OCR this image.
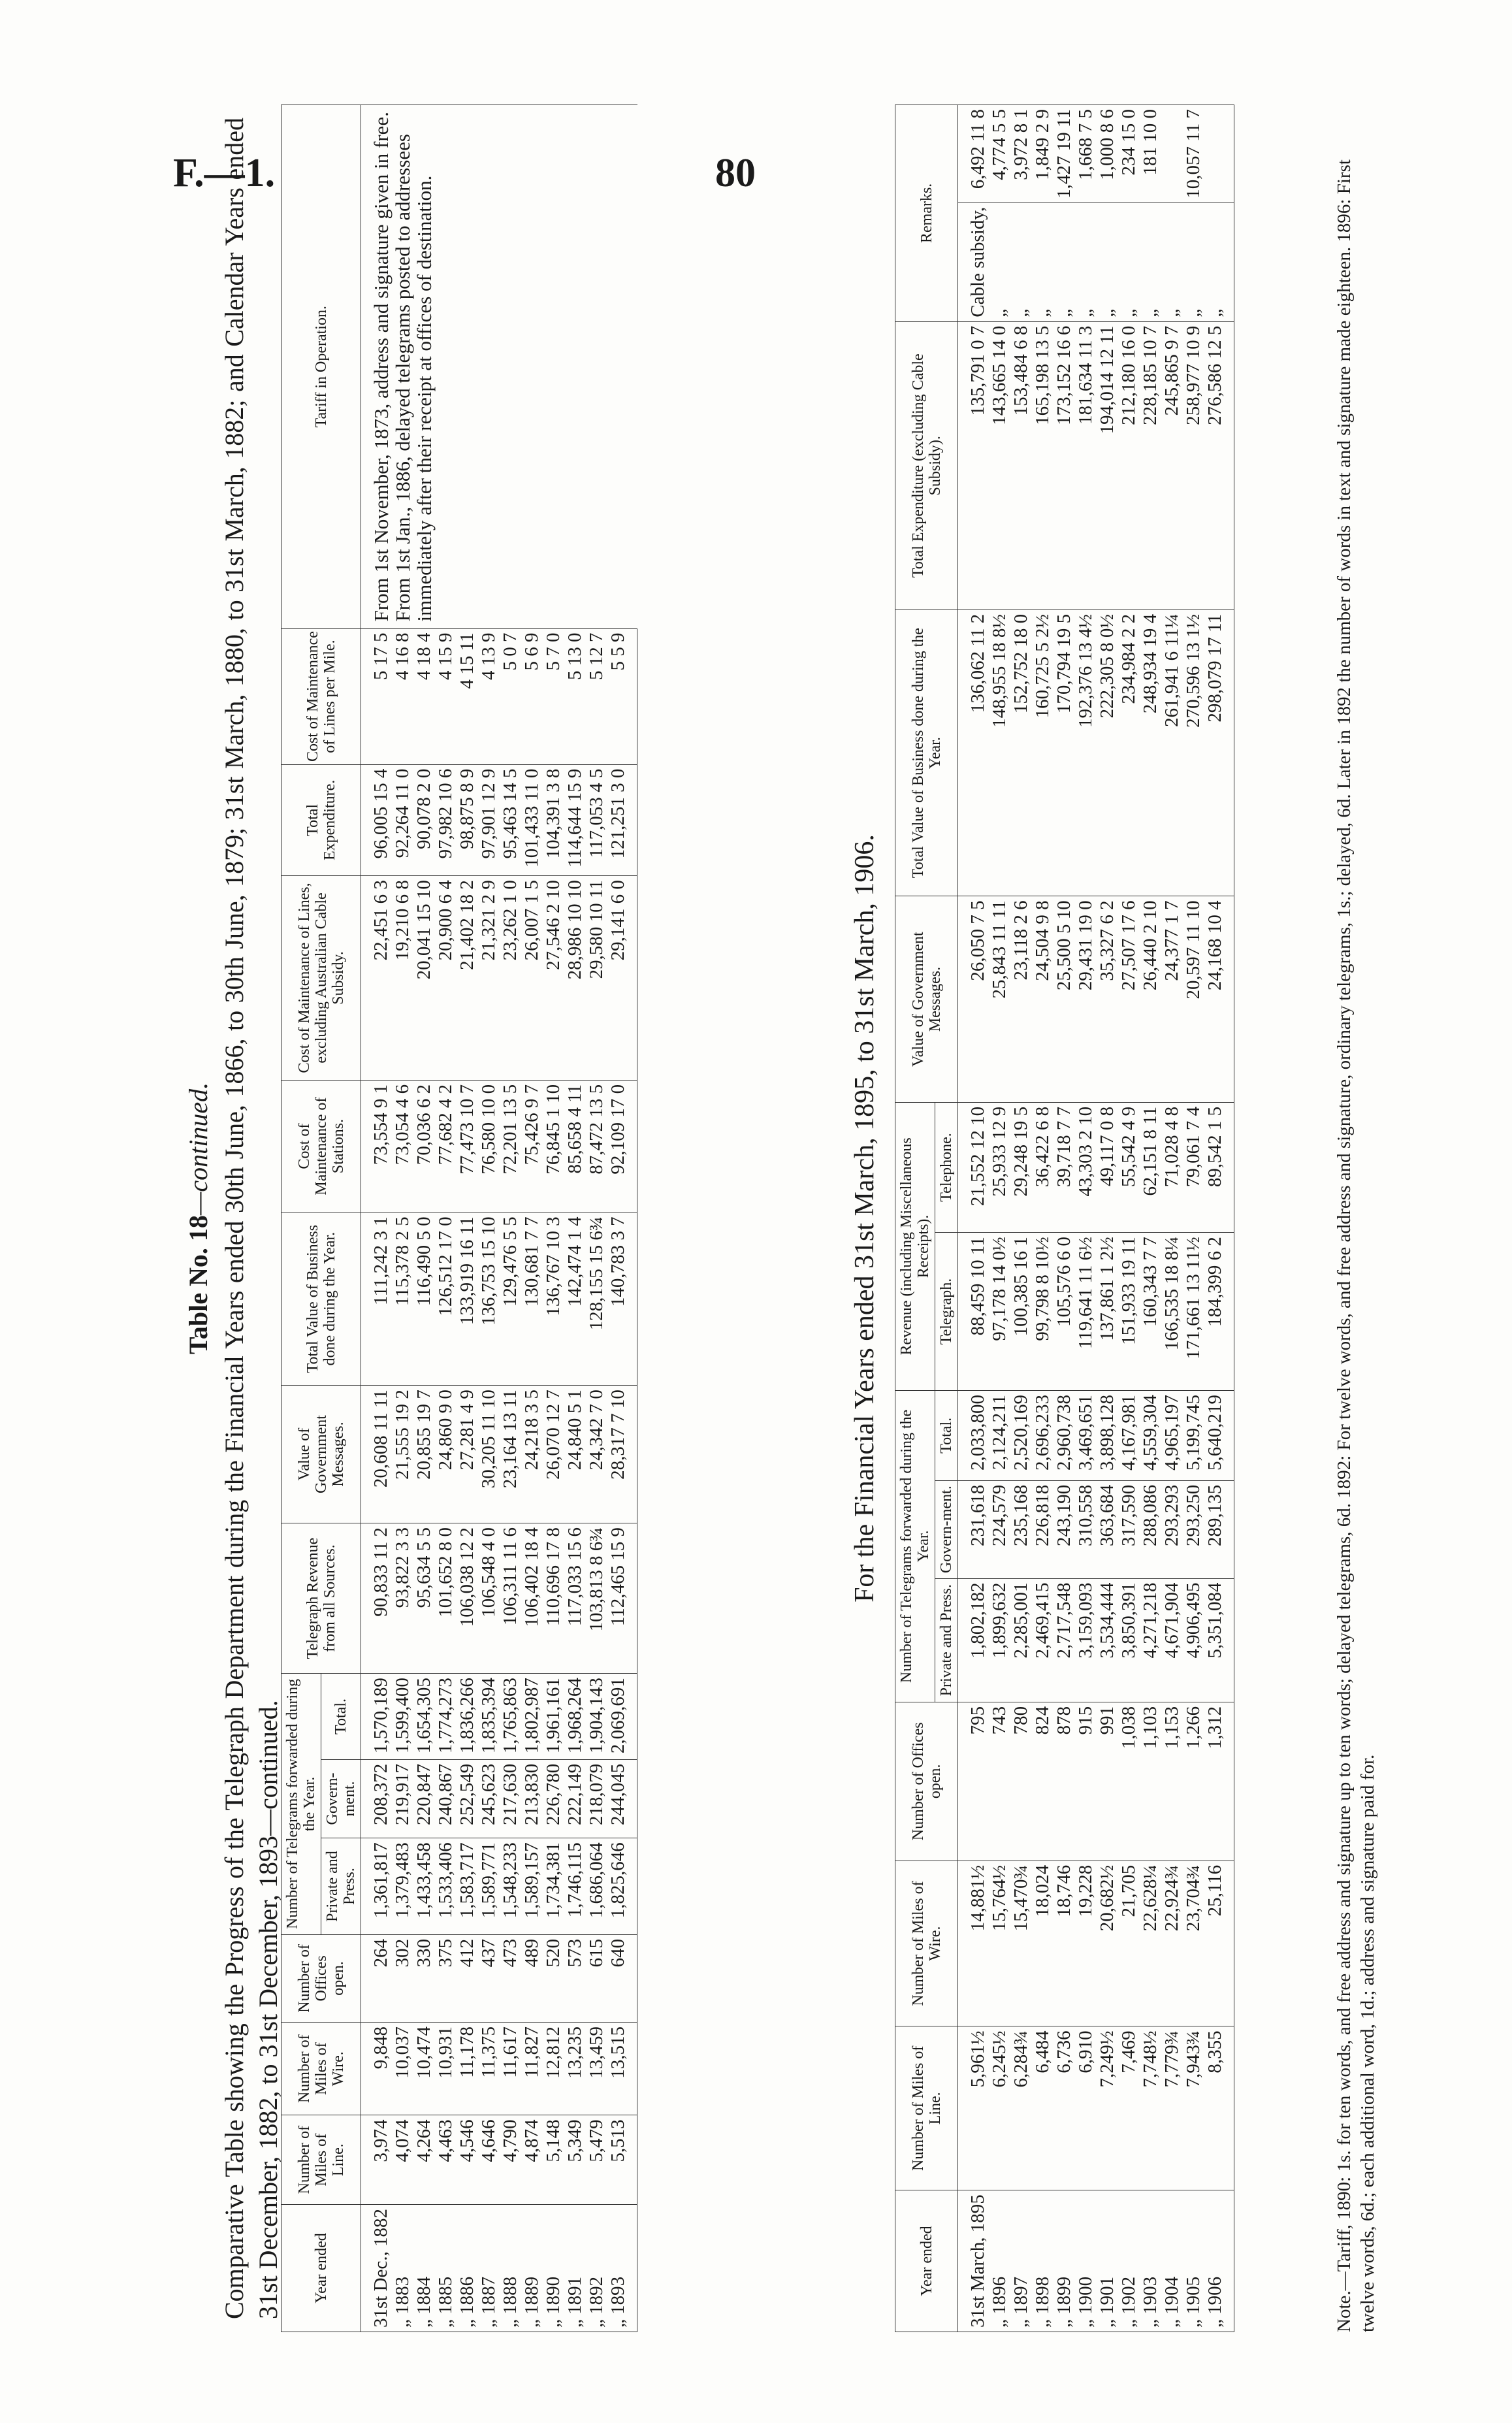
F.—1.	80
Table No. 18—continued. Comparative Table showing the Progress of the Telegraph Department during the Financial Years ended 30th June, 1866, to 30th June, 1879; 31st March, 1880, to 31st March, 1882; and Calendar Years ended 31st December, 1882, to 31st December, 1893—continued. Year ended	Number of Miles of Line.	Number of Miles of Wire.	Number of Offices open.	Number of Telegrams forwarded during the Year.			Telegraph Revenue from all Sources.	Value of Government Messages.	Total Value of Business done during the Year.	Cost of Maintenance of Stations.	Cost of Maintenance of Lines, excluding Australian Cable Subsidy.	Total Expenditure.	Cost of Maintenance of Lines per Mile.	Tariff in Operation.
				Private and Press.	Govern-ment.	Total.								
31st Dec., 1882	3,974	9,848	264	1,361,817	208,372	1,570,189	90,833 11 2	20,608 11 11	111,242 3 1	73,554 9 1	22,451 6 3	96,005 15 4	5 17 5	From 1st November, 1873, address and signature given in free. From 1st Jan., 1886, delayed telegrams posted to addressees immediately after their receipt at offices of destination.
„ 1883	4,074	10,037	302	1,379,483	219,917	1,599,400	93,822 3 3	21,555 19 2	115,378 2 5	73,054 4 6	19,210 6 8	92,264 11 0	4 16 8	
„ 1884	4,264	10,474	330	1,433,458	220,847	1,654,305	95,634 5 5	20,855 19 7	116,490 5 0	70,036 6 2	20,041 15 10	90,078 2 0	4 18 4	
„ 1885	4,463	10,931	375	1,533,406	240,867	1,774,273	101,652 8 0	24,860 9 0	126,512 17 0	77,682 4 2	20,900 6 4	97,982 10 6	4 15 9	
„ 1886	4,546	11,178	412	1,583,717	252,549	1,836,266	106,038 12 2	27,281 4 9	133,919 16 11	77,473 10 7	21,402 18 2	98,875 8 9	4 15 11	
„ 1887	4,646	11,375	437	1,589,771	245,623	1,835,394	106,548 4 0	30,205 11 10	136,753 15 10	76,580 10 0	21,321 2 9	97,901 12 9	4 13 9	
„ 1888	4,790	11,617	473	1,548,233	217,630	1,765,863	106,311 11 6	23,164 13 11	129,476 5 5	72,201 13 5	23,262 1 0	95,463 14 5	5 0 7	
„ 1889	4,874	11,827	489	1,589,157	213,830	1,802,987	106,402 18 4	24,218 3 5	130,681 7 7	75,426 9 7	26,007 1 5	101,433 11 0	5 6 9	
„ 1890	5,148	12,812	520	1,734,381	226,780	1,961,161	110,696 17 8	26,070 12 7	136,767 10 3	76,845 1 10	27,546 2 10	104,391 3 8	5 7 0	
„ 1891	5,349	13,235	573	1,746,115	222,149	1,968,264	117,033 15 6	24,840 5 1	142,474 1 4	85,658 4 11	28,986 10 10	114,644 15 9	5 13 0	
„ 1892	5,479	13,459	615	1,686,064	218,079	1,904,143	103,813 8 6¾	24,342 7 0	128,155 15 6¾	87,472 13 5	29,580 10 11	117,053 4 5	5 12 7	
„ 1893	5,513	13,515	640	1,825,646	244,045	2,069,691	112,465 15 9	28,317 7 10	140,783 3 7	92,109 17 0	29,141 6 0	121,251 3 0	5 5 9	
For the Financial Years ended 31st March, 1895, to 31st March, 1906.
Year ended	Number of Miles of Line.	Number of Miles of Wire.	Number of Offices open.	Number of Telegrams forwarded during the Year.			Revenue (including Miscellaneous Receipts).		Value of Government Messages.	Total Value of Business done during the Year.	Total Expenditure (excluding Cable Subsidy).	Remarks.	
				Private and Press.	Govern-ment.	Total.	Telegraph.	Telephone.					
31st March, 1895	5,961½	14,881½	795	1,802,182	231,618	2,033,800	88,459 10 11	21,552 12 10	26,050 7 5	136,062 11 2	135,791 0 7	Cable subsidy,	6,492 11 8
„ 1896	6,245½	15,764½	743	1,899,632	224,579	2,124,211	97,178 14 0½	25,933 12 9	25,843 11 11	148,955 18 8½	143,665 14 0	„	4,774 5 5
„ 1897	6,284¾	15,470¾	780	2,285,001	235,168	2,520,169	100,385 16 1	29,248 19 5	23,118 2 6	152,752 18 0	153,484 6 8	„	3,972 8 1
„ 1898	6,484	18,024	824	2,469,415	226,818	2,696,233	99,798 8 10½	36,422 6 8	24,504 9 8	160,725 5 2½	165,198 13 5	„	1,849 2 9
„ 1899	6,736	18,746	878	2,717,548	243,190	2,960,738	105,576 6 0	39,718 7 7	25,500 5 10	170,794 19 5	173,152 16 6	„	1,427 19 11
„ 1900	6,910	19,228	915	3,159,093	310,558	3,469,651	119,641 11 6½	43,303 2 10	29,431 19 0	192,376 13 4½	181,634 11 3	„	1,668 7 5
„ 1901	7,249½	20,682½	991	3,534,444	363,684	3,898,128	137,861 1 2½	49,117 0 8	35,327 6 2	222,305 8 0½	194,014 12 11	„	1,000 8 6
„ 1902	7,469	21,705	1,038	3,850,391	317,590	4,167,981	151,933 19 11	55,542 4 9	27,507 17 6	234,984 2 2	212,180 16 0	„	234 15 0
„ 1903	7,748½	22,628¼	1,103	4,271,218	288,086	4,559,304	160,343 7 7	62,151 8 11	26,440 2 10	248,934 19 4	228,185 10 7	„	181 10 0
„ 1904	7,779¾	22,924¾	1,153	4,671,904	293,293	4,965,197	166,535 18 8¼	71,028 4 8	24,377 1 7	261,941 6 11¼	245,865 9 7	„	
„ 1905	7,943¾	23,704¾	1,266	4,906,495	293,250	5,199,745	171,661 13 11½	79,061 7 4	20,597 11 10	270,596 13 1½	258,977 10 9	„	10,057 11 7
„ 1906	8,355	25,116	1,312	5,351,084	289,135	5,640,219	184,399 6 2	89,542 1 5	24,168 10 4	298,079 17 11	276,586 12 5	„		Note.—Tariff, 1890: 1s. for ten words, and free address and signature up to ten words; delayed telegrams, 6d. 1892: For twelve words, and free address and signature, ordinary telegrams, 1s.; delayed, 6d. Later in 1892 the number of words in text and signature made eighteen. 1896: First twelve words, 6d.; each additional word, 1d.; address and signature paid for.
